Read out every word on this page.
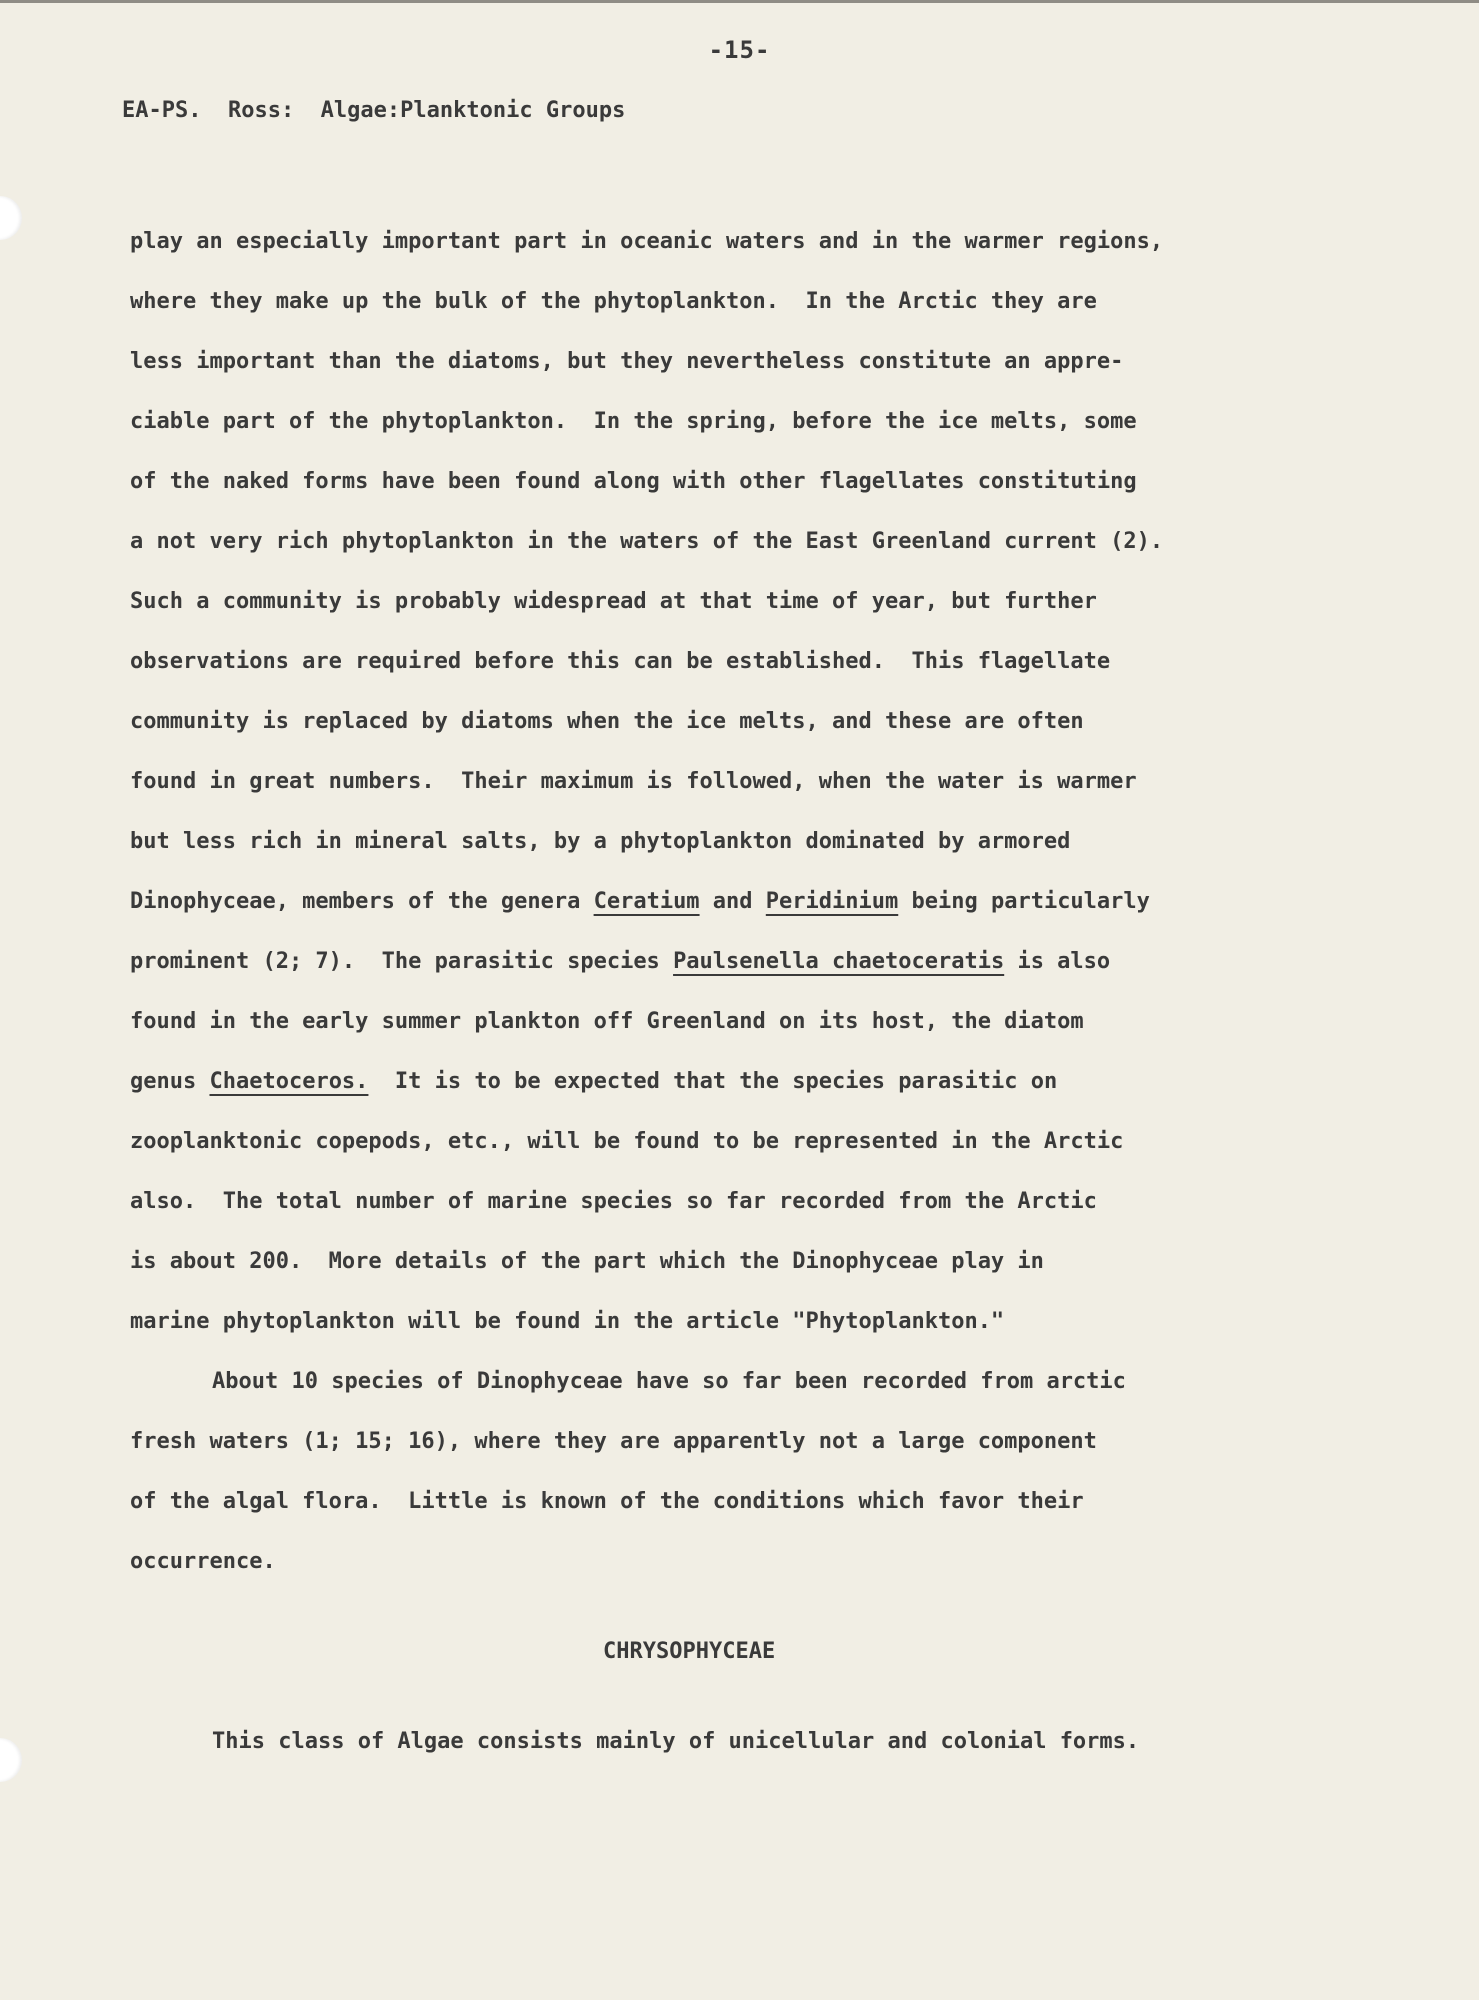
-15-
EA-PS.  Ross:  Algae:Planktonic Groups
play an especially important part in oceanic waters and in the warmer regions,
where they make up the bulk of the phytoplankton.  In the Arctic they are
less important than the diatoms, but they nevertheless constitute an appre-
ciable part of the phytoplankton.  In the spring, before the ice melts, some
of the naked forms have been found along with other flagellates constituting
a not very rich phytoplankton in the waters of the East Greenland current (2).
Such a community is probably widespread at that time of year, but further
observations are required before this can be established.  This flagellate
community is replaced by diatoms when the ice melts, and these are often
found in great numbers.  Their maximum is followed, when the water is warmer
but less rich in mineral salts, by a phytoplankton dominated by armored
Dinophyceae, members of the genera Ceratium and Peridinium being particularly
prominent (2; 7).  The parasitic species Paulsenella chaetoceratis is also
found in the early summer plankton off Greenland on its host, the diatom
genus Chaetoceros.  It is to be expected that the species parasitic on
zooplanktonic copepods, etc., will be found to be represented in the Arctic
also.  The total number of marine species so far recorded from the Arctic
is about 200.  More details of the part which the Dinophyceae play in
marine phytoplankton will be found in the article "Phytoplankton."
About 10 species of Dinophyceae have so far been recorded from arctic
fresh waters (1; 15; 16), where they are apparently not a large component
of the algal flora.  Little is known of the conditions which favor their
occurrence.
CHRYSOPHYCEAE
This class of Algae consists mainly of unicellular and colonial forms.
